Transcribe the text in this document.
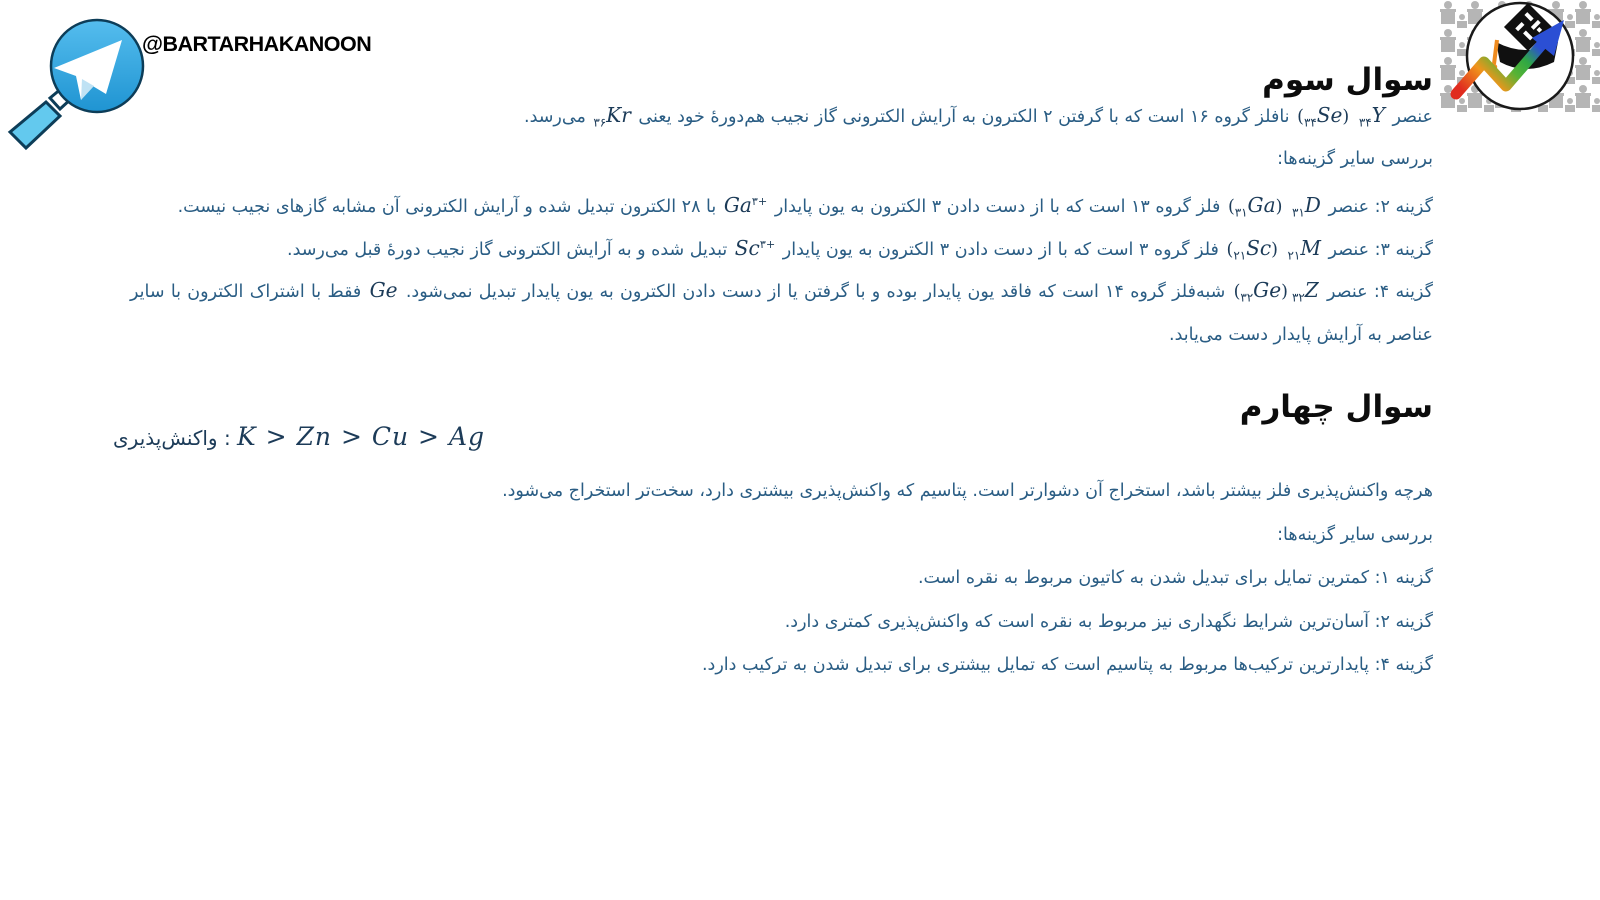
@BARTARHAKANOON
سوال سوم
عنصر $_{۳۴}$Y $(_{۳۴}Se)$ نافلز گروه ۱۶ است که با گرفتن ۲ الکترون به آرایش الکترونی گاز نجیب هم‌دورۀ خود یعنی $_{۳۶}$Kr می‌رسد.
بررسی سایر گزینه‌ها:
گزینه ۲: عنصر $_{۳۱}$D $(_{۳۱}Ga)$ فلز گروه ۱۳ است که با از دست دادن ۳ الکترون به یون پایدار $Ga^{۳+}$ با ۲۸ الکترون تبدیل شده و آرایش الکترونی آن مشابه گازهای نجیب نیست.
گزینه ۳: عنصر $_{۲۱}$M $(_{۲۱}Sc)$ فلز گروه ۳ است که با از دست دادن ۳ الکترون به یون پایدار $Sc^{۳+}$ تبدیل شده و به آرایش الکترونی گاز نجیب دورۀ قبل می‌رسد.
گزینه ۴: عنصر $_{۳۲}Z(_{۳۲}Ge)$ شبه‌فلز گروه ۱۴ است که فاقد یون پایدار بوده و با گرفتن یا از دست دادن الکترون به یون پایدار تبدیل نمی‌شود. Ge فقط با اشتراک الکترون با سایر عناصر به آرایش پایدار دست می‌یابد.
سوال چهارم
واکنش‌پذیری : K > Zn > Cu > Ag
هرچه واکنش‌پذیری فلز بیشتر باشد، استخراج آن دشوارتر است. پتاسیم که واکنش‌پذیری بیشتری دارد، سخت‌تر استخراج می‌شود.
بررسی سایر گزینه‌ها:
گزینه ۱: کمترین تمایل برای تبدیل شدن به کاتیون مربوط به نقره است.
گزینه ۲: آسان‌ترین شرایط نگهداری نیز مربوط به نقره است که واکنش‌پذیری کمتری دارد.
گزینه ۴: پایدارترین ترکیب‌ها مربوط به پتاسیم است که تمایل بیشتری برای تبدیل شدن به ترکیب دارد.
